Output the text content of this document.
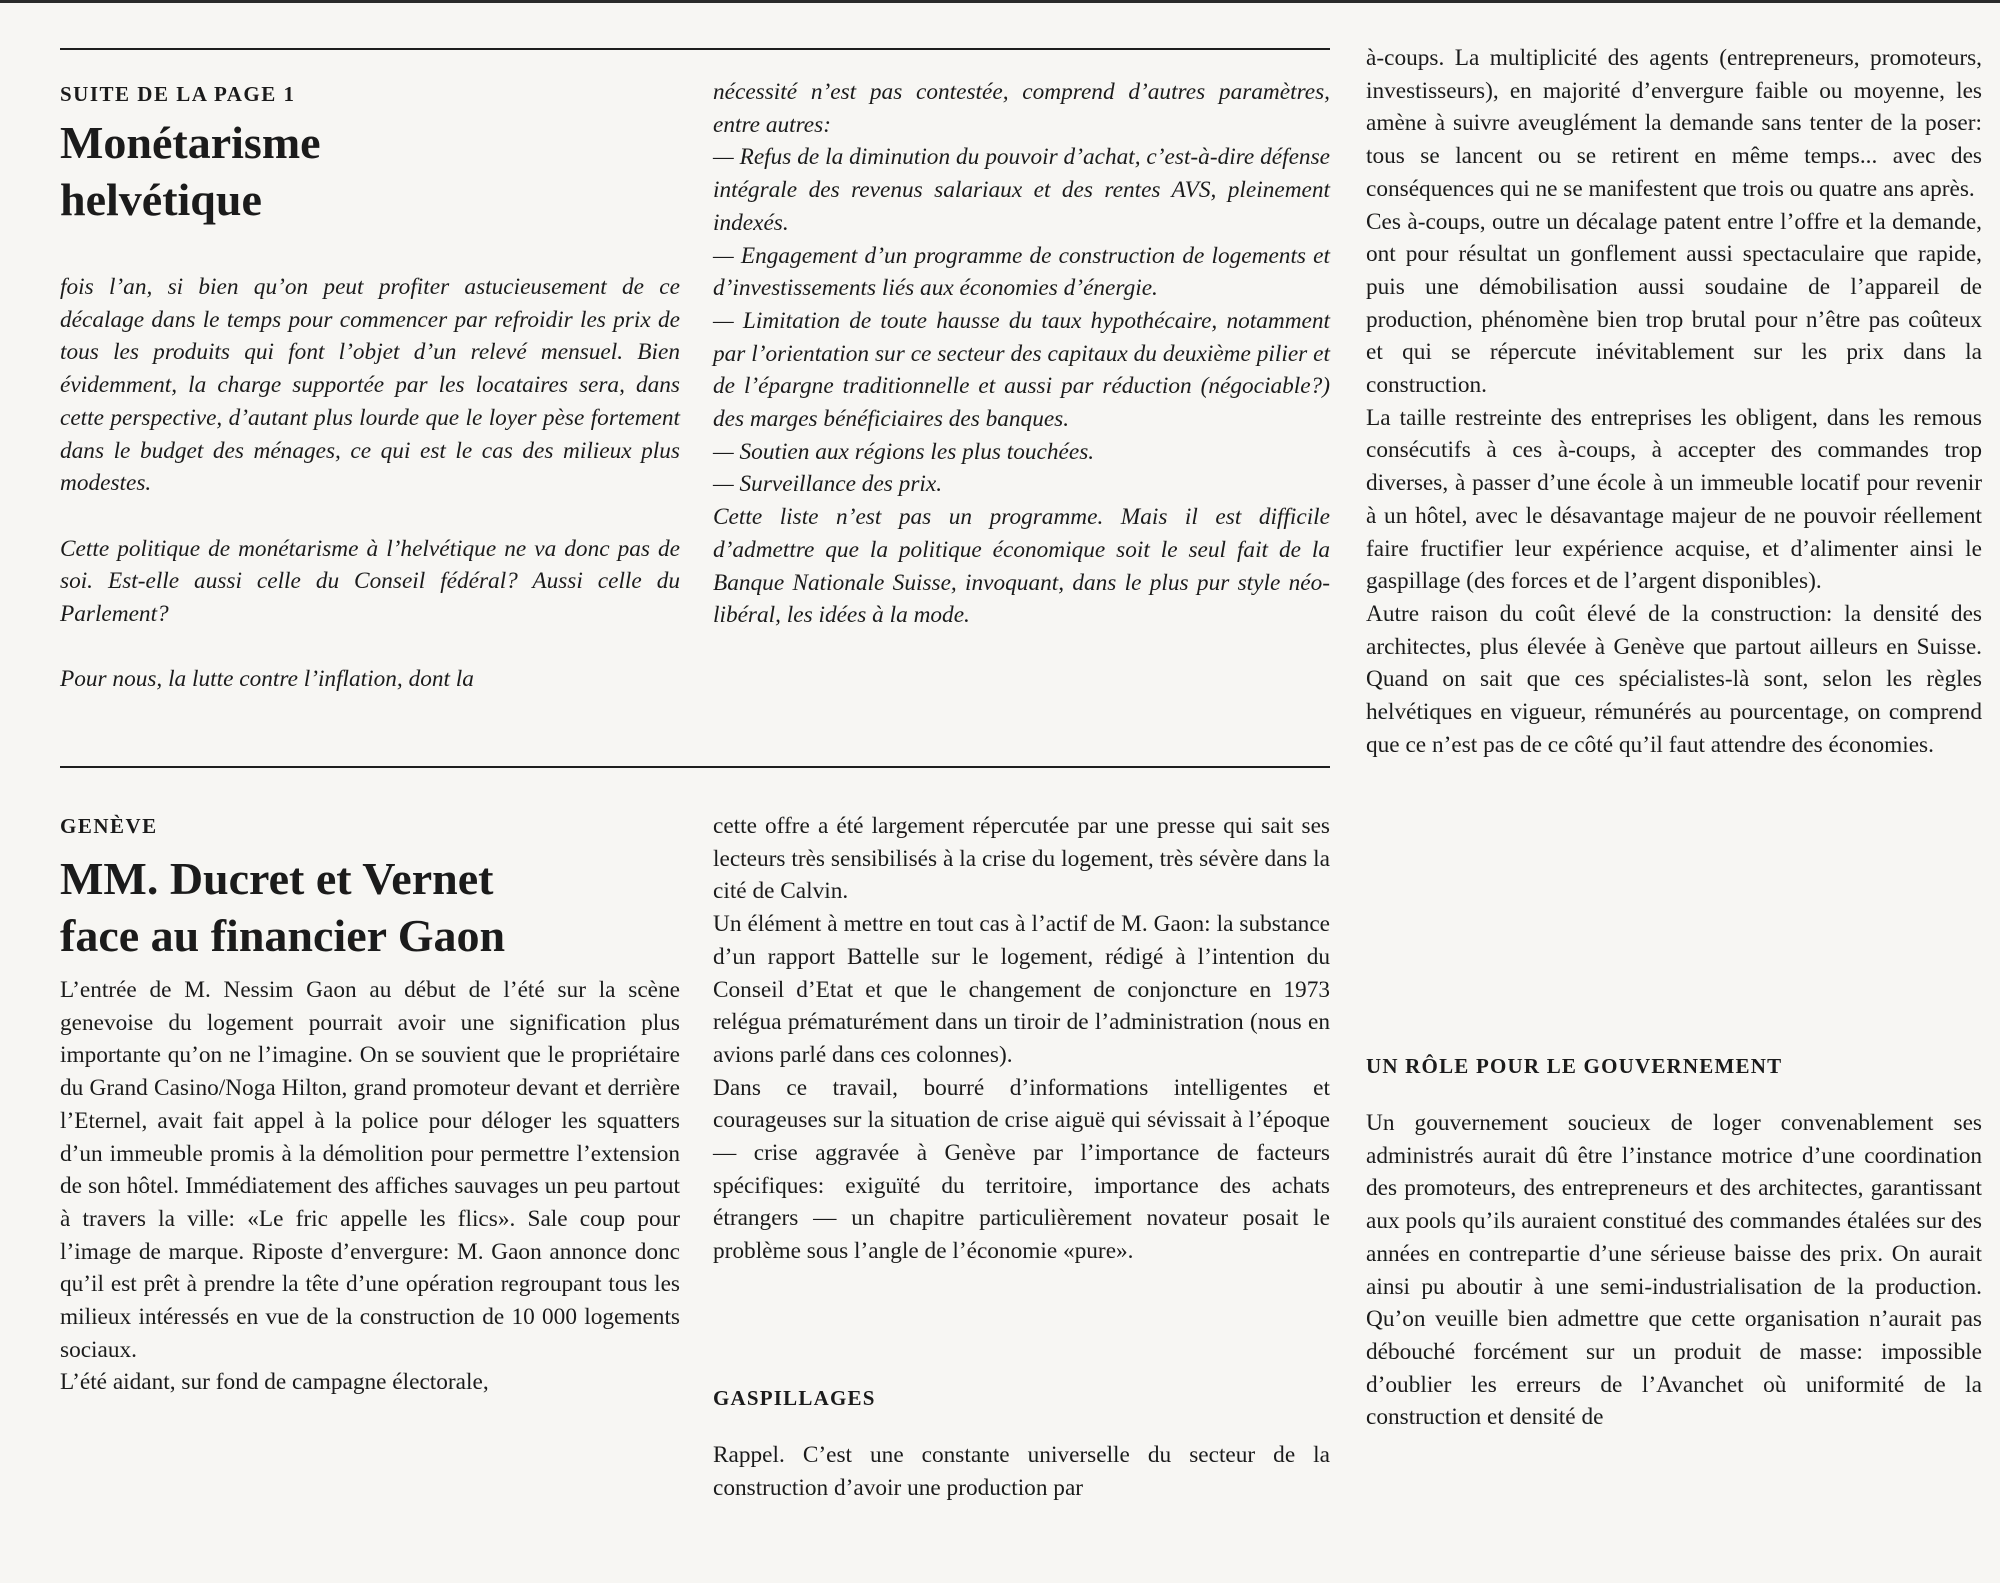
SUITE DE LA PAGE 1
Monétarisme
helvétique

fois l’an, si bien qu’on peut profiter astucieusement de ce décalage dans le temps pour commencer par refroidir les prix de tous les produits qui font l’objet d’un relevé mensuel. Bien évidemment, la charge supportée par les locataires sera, dans cette perspective, d’autant plus lourde que le loyer pèse fortement dans le budget des ménages, ce qui est le cas des milieux plus modestes.

Cette politique de monétarisme à l’helvétique ne va donc pas de soi. Est-elle aussi celle du Conseil fédéral? Aussi celle du Parlement?

Pour nous, la lutte contre l’inflation, dont la

nécessité n’est pas contestée, comprend d’autres paramètres, entre autres:

— Refus de la diminution du pouvoir d’achat, c’est-à-dire défense intégrale des revenus salariaux et des rentes AVS, pleinement indexés.

— Engagement d’un programme de construction de logements et d’investissements liés aux économies d’énergie.

— Limitation de toute hausse du taux hypothécaire, notamment par l’orientation sur ce secteur des capitaux du deuxième pilier et de l’épargne traditionnelle et aussi par réduction (négociable?) des marges bénéficiaires des banques.

— Soutien aux régions les plus touchées.

— Surveillance des prix.

Cette liste n’est pas un programme. Mais il est difficile d’admettre que la politique économique soit le seul fait de la Banque Nationale Suisse, invoquant, dans le plus pur style néo-libéral, les idées à la mode.

GENÈVE
MM. Ducret et Vernet
face au financier Gaon

L’entrée de M. Nessim Gaon au début de l’été sur la scène genevoise du logement pourrait avoir une signification plus importante qu’on ne l’imagine. On se souvient que le propriétaire du Grand Casino/Noga Hilton, grand promoteur devant et derrière l’Eternel, avait fait appel à la police pour déloger les squatters d’un immeuble promis à la démolition pour permettre l’extension de son hôtel. Immédiatement des affiches sauvages un peu partout à travers la ville: «Le fric appelle les flics». Sale coup pour l’image de marque. Riposte d’envergure: M. Gaon annonce donc qu’il est prêt à prendre la tête d’une opération regroupant tous les milieux intéressés en vue de la construction de 10 000 logements sociaux.

L’été aidant, sur fond de campagne électorale,

cette offre a été largement répercutée par une presse qui sait ses lecteurs très sensibilisés à la crise du logement, très sévère dans la cité de Calvin.

Un élément à mettre en tout cas à l’actif de M. Gaon: la substance d’un rapport Battelle sur le logement, rédigé à l’intention du Conseil d’Etat et que le changement de conjoncture en 1973 relégua prématurément dans un tiroir de l’administration (nous en avions parlé dans ces colonnes).

Dans ce travail, bourré d’informations intelligentes et courageuses sur la situation de crise aiguë qui sévissait à l’époque — crise aggravée à Genève par l’importance de facteurs spécifiques: exiguïté du territoire, importance des achats étrangers — un chapitre particulièrement novateur posait le problème sous l’angle de l’économie «pure».

GASPILLAGES

Rappel. C’est une constante universelle du secteur de la construction d’avoir une production par

à-coups. La multiplicité des agents (entrepreneurs, promoteurs, investisseurs), en majorité d’envergure faible ou moyenne, les amène à suivre aveuglément la demande sans tenter de la poser: tous se lancent ou se retirent en même temps... avec des conséquences qui ne se manifestent que trois ou quatre ans après.

Ces à-coups, outre un décalage patent entre l’offre et la demande, ont pour résultat un gonflement aussi spectaculaire que rapide, puis une démobilisation aussi soudaine de l’appareil de production, phénomène bien trop brutal pour n’être pas coûteux et qui se répercute inévitablement sur les prix dans la construction.

La taille restreinte des entreprises les obligent, dans les remous consécutifs à ces à-coups, à accepter des commandes trop diverses, à passer d’une école à un immeuble locatif pour revenir à un hôtel, avec le désavantage majeur de ne pouvoir réellement faire fructifier leur expérience acquise, et d’alimenter ainsi le gaspillage (des forces et de l’argent disponibles).

Autre raison du coût élevé de la construction: la densité des architectes, plus élevée à Genève que partout ailleurs en Suisse. Quand on sait que ces spécialistes-là sont, selon les règles helvétiques en vigueur, rémunérés au pourcentage, on comprend que ce n’est pas de ce côté qu’il faut attendre des économies.

UN RÔLE POUR LE GOUVERNEMENT

Un gouvernement soucieux de loger convenablement ses administrés aurait dû être l’instance motrice d’une coordination des promoteurs, des entrepreneurs et des architectes, garantissant aux pools qu’ils auraient constitué des commandes étalées sur des années en contrepartie d’une sérieuse baisse des prix. On aurait ainsi pu aboutir à une semi-industrialisation de la production. Qu’on veuille bien admettre que cette organisation n’aurait pas débouché forcément sur un produit de masse: impossible d’oublier les erreurs de l’Avanchet où uniformité de la construction et densité de
